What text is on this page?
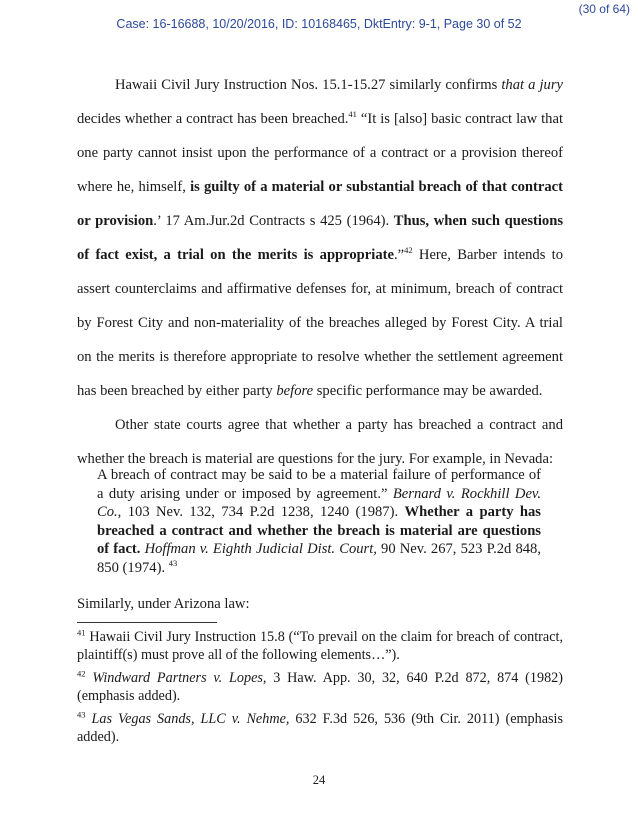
(30 of 64)
Case: 16-16688, 10/20/2016, ID: 10168465, DktEntry: 9-1, Page 30 of 52

Hawaii Civil Jury Instruction Nos. 15.1-15.27 similarly confirms that a jury decides whether a contract has been breached.$^{41}$ “It is [also] basic contract law that one party cannot insist upon the performance of a contract or a provision thereof where he, himself, is guilty of a material or substantial breach of that contract or provision.’ 17 Am.Jur.2d Contracts s 425 (1964). Thus, when such questions of fact exist, a trial on the merits is appropriate.”$^{42}$ Here, Barber intends to assert counterclaims and affirmative defenses for, at minimum, breach of contract by Forest City and non-materiality of the breaches alleged by Forest City. A trial on the merits is therefore appropriate to resolve whether the settlement agreement has been breached by either party before specific performance may be awarded.

Other state courts agree that whether a party has breached a contract and whether the breach is material are questions for the jury. For example, in Nevada:

A breach of contract may be said to be a material failure of performance of a duty arising under or imposed by agreement.” Bernard v. Rockhill Dev. Co., 103 Nev. 132, 734 P.2d 1238, 1240 (1987). Whether a party has breached a contract and whether the breach is material are questions of fact. Hoffman v. Eighth Judicial Dist. Court, 90 Nev. 267, 523 P.2d 848, 850 (1974). $^{43}$
Similarly, under Arizona law:

$^{41}$ Hawaii Civil Jury Instruction 15.8 (“To prevail on the claim for breach of contract, plaintiff(s) must prove all of the following elements…”).

$^{42}$ Windward Partners v. Lopes, 3 Haw. App. 30, 32, 640 P.2d 872, 874 (1982) (emphasis added).

$^{43}$ Las Vegas Sands, LLC v. Nehme, 632 F.3d 526, 536 (9th Cir. 2011) (emphasis added).

24
